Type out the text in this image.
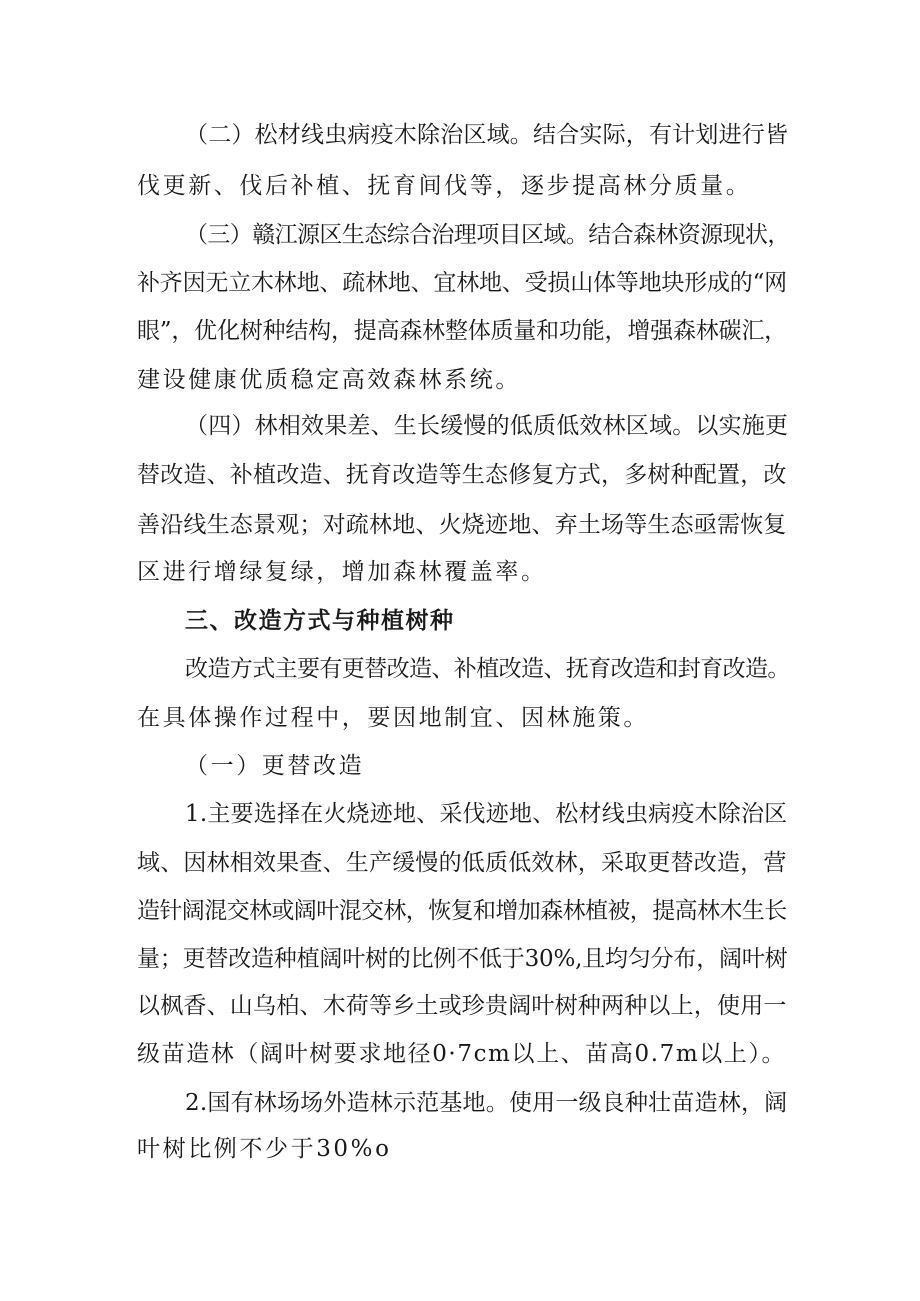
（二）松材线虫病疫木除治区域。结合实际，有计划进行皆
伐更新、伐后补植、抚育间伐等，逐步提高林分质量。
（三）赣江源区生态综合治理项目区域。结合森林资源现状，
补齐因无立木林地、疏林地、宜林地、受损山体等地块形成的“网
眼”，优化树种结构，提高森林整体质量和功能，增强森林碳汇，
建设健康优质稳定高效森林系统。
（四）林相效果差、生长缓慢的低质低效林区域。以实施更
替改造、补植改造、抚育改造等生态修复方式，多树种配置，改
善沿线生态景观；对疏林地、火烧迹地、弃土场等生态亟需恢复
区进行增绿复绿，增加森林覆盖率。
三、改造方式与种植树种
改造方式主要有更替改造、补植改造、抚育改造和封育改造。
在具体操作过程中，要因地制宜、因林施策。
（一）更替改造
1.主要选择在火烧迹地、采伐迹地、松材线虫病疫木除治区
域、因林相效果查、生产缓慢的低质低效林，采取更替改造，营
造针阔混交林或阔叶混交林，恢复和增加森林植被，提高林木生长
量；更替改造种植阔叶树的比例不低于30%,且均匀分布，阔叶树
以枫香、山乌柏、木荷等乡土或珍贵阔叶树种两种以上，使用一
级苗造林（阔叶树要求地径0·7cm以上、苗高0.7m以上）。
2.国有林场场外造林示范基地。使用一级良种壮苗造林，阔
叶树比例不少于30%o
